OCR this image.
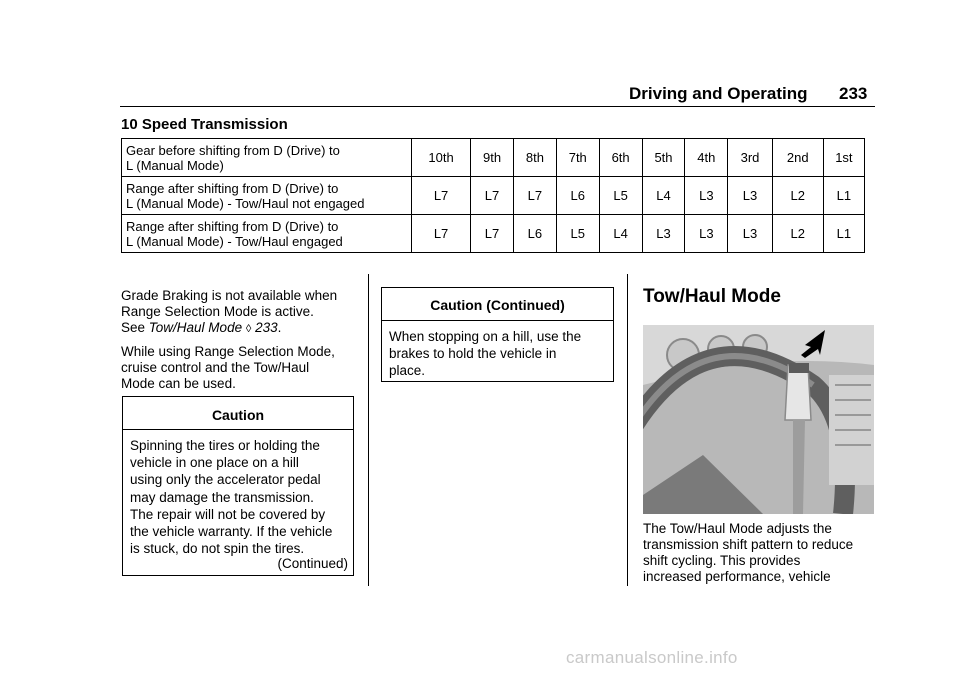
Driving and Operating 233
10 Speed Transmission
Gear before shifting from D (Drive) to
L (Manual Mode)	10th	9th	8th	7th	6th	5th	4th	3rd	2nd	1st
Range after shifting from D (Drive) to
L (Manual Mode) - Tow/Haul not engaged	L7	L7	L7	L6	L5	L4	L3	L3	L2	L1
Range after shifting from D (Drive) to
L (Manual Mode) - Tow/Haul engaged	L7	L7	L6	L5	L4	L3	L3	L3	L2	L1

Grade Braking is not available when
Range Selection Mode is active.
See Tow/Haul Mode ◊ 233.

While using Range Selection Mode,
cruise control and the Tow/Haul
Mode can be used.

Caution
Spinning the tires or holding the
vehicle in one place on a hill
using only the accelerator pedal
may damage the transmission.
The repair will not be covered by
the vehicle warranty. If the vehicle
is stuck, do not spin the tires.
(Continued)
Caution (Continued)
When stopping on a hill, use the
brakes to hold the vehicle in
place.
Tow/Haul Mode
The Tow/Haul Mode adjusts the
transmission shift pattern to reduce
shift cycling. This provides
increased performance, vehicle
carmanualsonline.info
